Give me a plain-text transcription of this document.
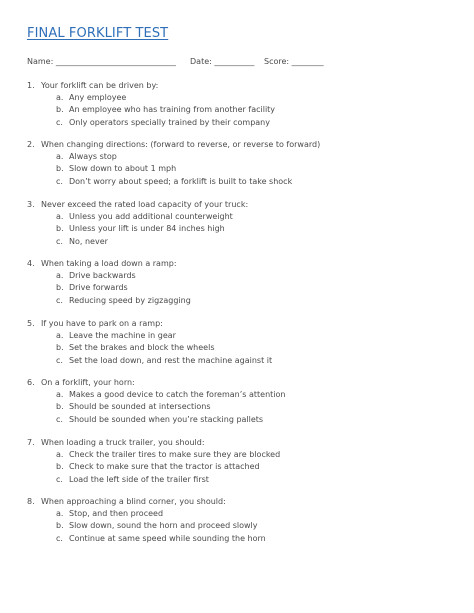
FINAL FORKLIFT TEST
Name: ______________________________ Date: __________ Score: ________
1. Your forklift can be driven by:
a. Any employee
b. An employee who has training from another facility
c. Only operators specially trained by their company
2. When changing directions: (forward to reverse, or reverse to forward)
a. Always stop
b. Slow down to about 1 mph
c. Don’t worry about speed; a forklift is built to take shock
3. Never exceed the rated load capacity of your truck:
a. Unless you add additional counterweight
b. Unless your lift is under 84 inches high
c. No, never
4. When taking a load down a ramp:
a. Drive backwards
b. Drive forwards
c. Reducing speed by zigzagging
5. If you have to park on a ramp:
a. Leave the machine in gear
b. Set the brakes and block the wheels
c. Set the load down, and rest the machine against it
6. On a forklift, your horn:
a. Makes a good device to catch the foreman’s attention
b. Should be sounded at intersections
c. Should be sounded when you’re stacking pallets
7. When loading a truck trailer, you should:
a. Check the trailer tires to make sure they are blocked
b. Check to make sure that the tractor is attached
c. Load the left side of the trailer first
8. When approaching a blind corner, you should:
a. Stop, and then proceed
b. Slow down, sound the horn and proceed slowly
c. Continue at same speed while sounding the horn
